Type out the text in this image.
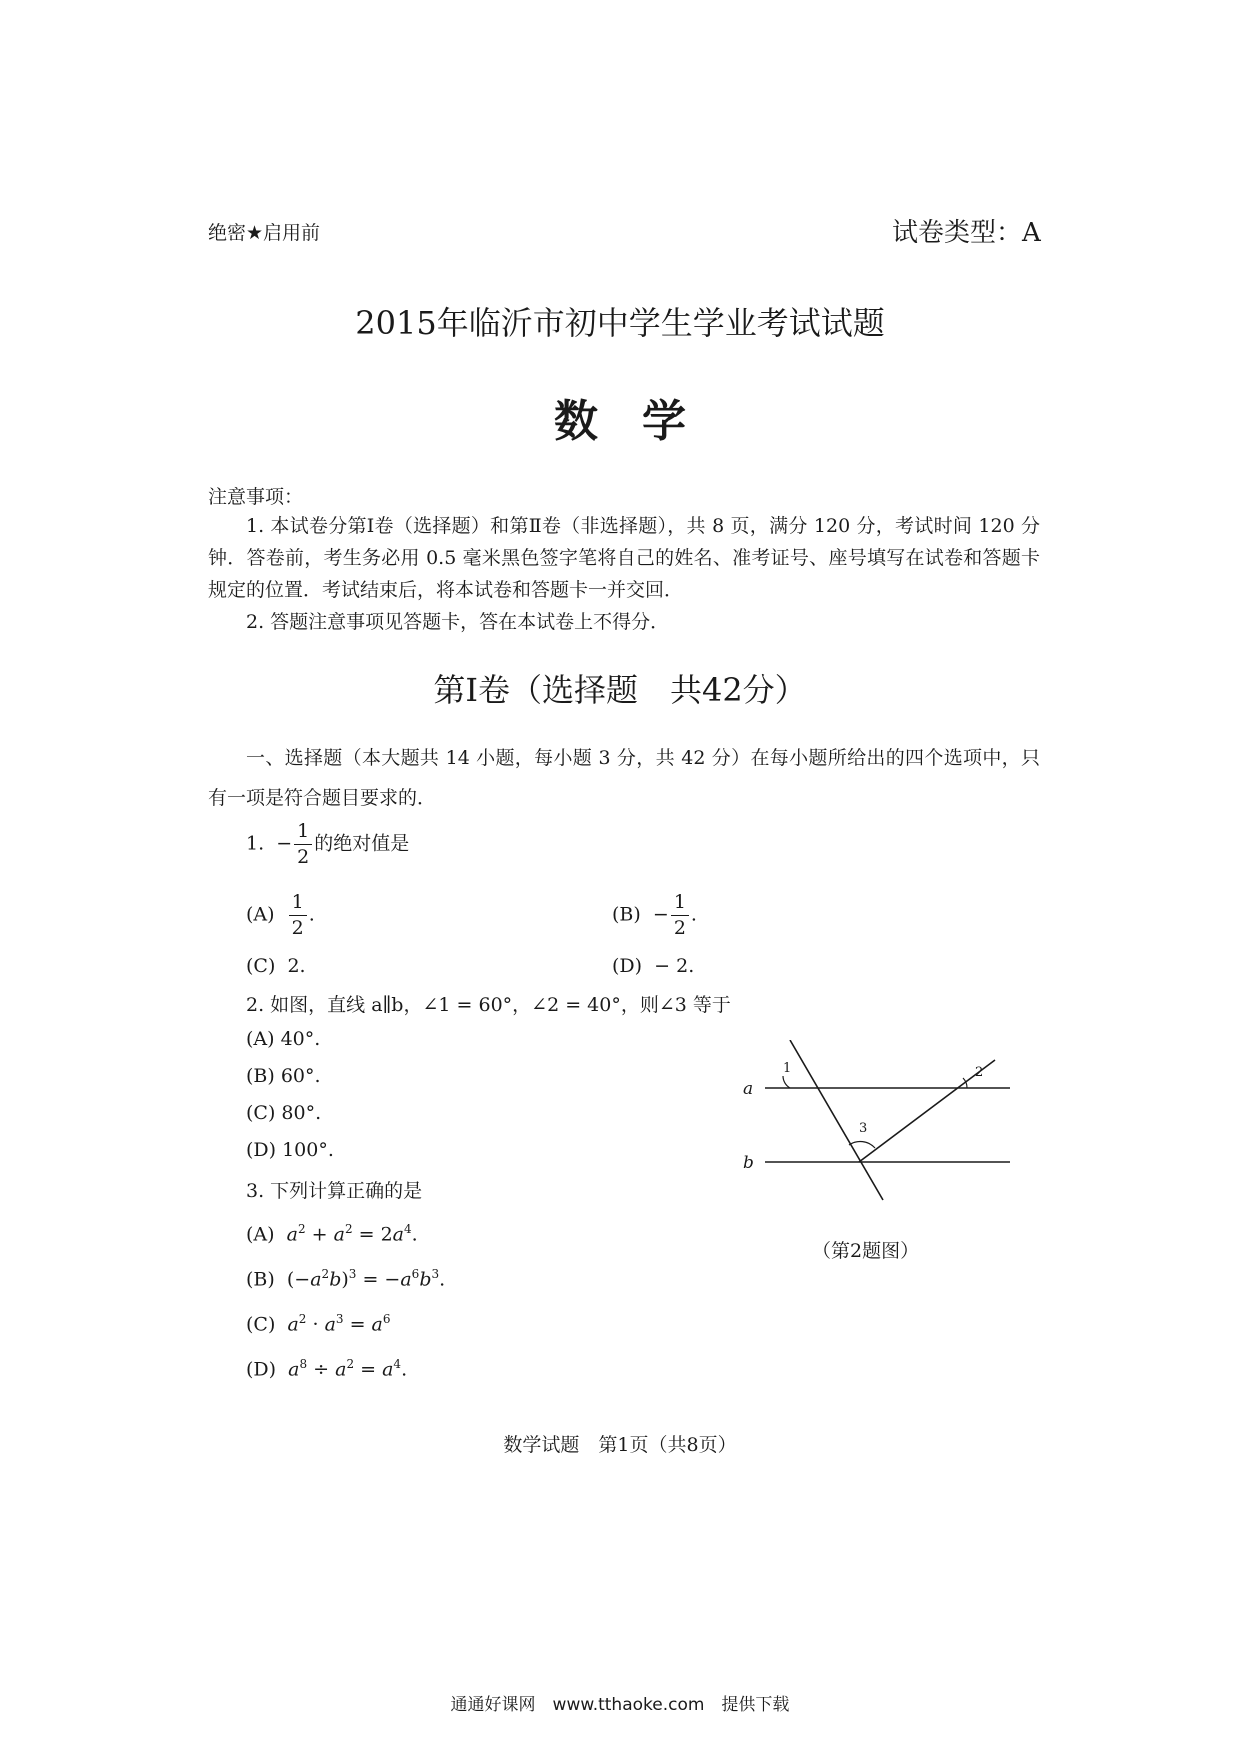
绝密★启用前	试卷类型：A
2015年临沂市初中学生学业考试试题
数学
注意事项：
1. 本试卷分第Ⅰ卷（选择题）和第Ⅱ卷（非选择题），共 8 页，满分 120 分，考试时间 120 分钟．答卷前，考生务必用 0.5 毫米黑色签字笔将自己的姓名、准考证号、座号填写在试卷和答题卡规定的位置．考试结束后，将本试卷和答题卡一并交回．
2. 答题注意事项见答题卡，答在本试卷上不得分．
第Ⅰ卷（选择题　共42分）
一、选择题（本大题共 14 小题，每小题 3 分，共 42 分）在每小题所给出的四个选项中，只有一项是符合题目要求的．
1. − $\frac{1}{2}$ 的绝对值是
$(A) \frac{1}{2}$ .	$(B) - \frac{1}{2}$ .
(C) 2.	(D) − 2.
2. 如图，直线 a∥b，∠1 = 60°，∠2 = 40°，则∠3 等于
(A) 40°.
(B) 60°.
(C) 80°.
(D) 100°.
a
b
1	2
3
（第2题图）
3. 下列计算正确的是
(A) $a^2 + a^2 = 2a^4$.
(B)  $(-a^2b)^3 = -a^6b^3$.
(C) $a^2 \cdot a^3 = a^6$
(D) $a^8 \div a^2 = a^4$.
数学试题　第1页（共8页）
通通好课网　www.tthaoke.com　提供下载
